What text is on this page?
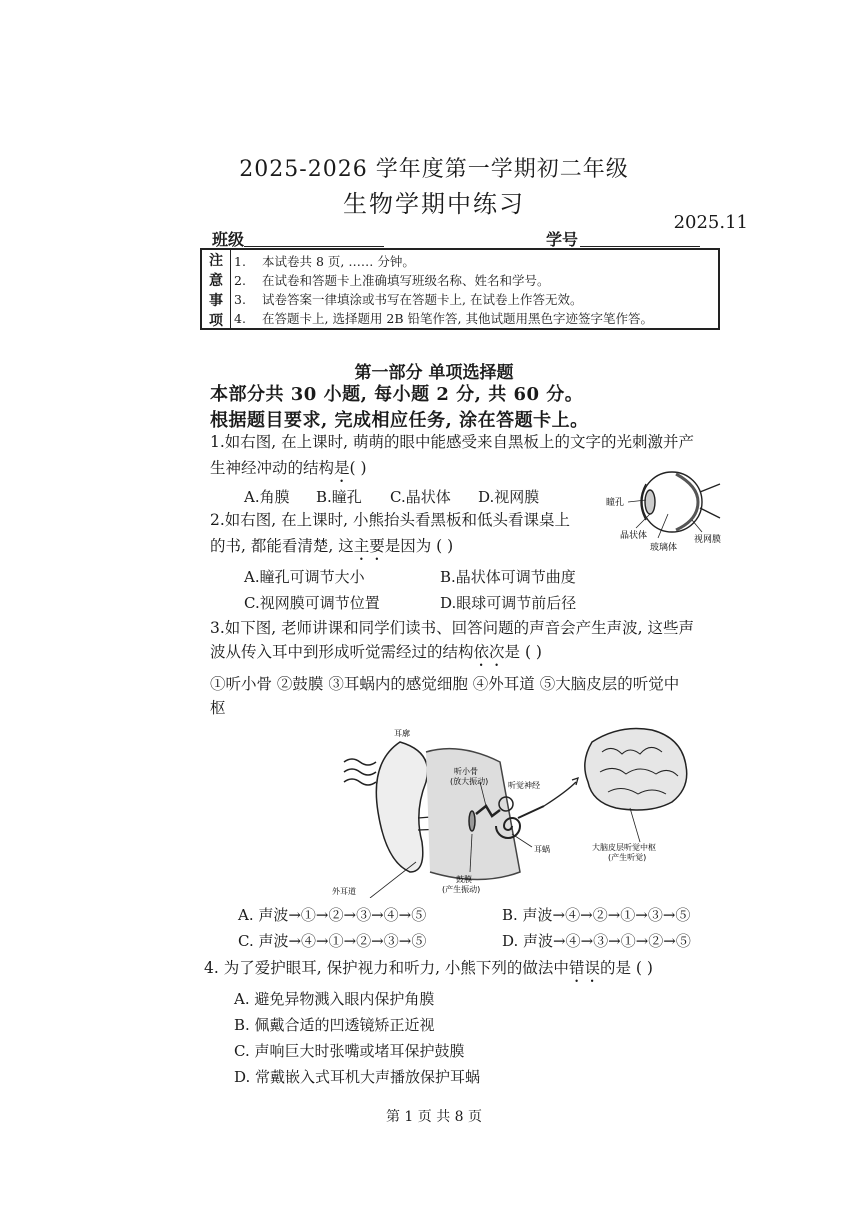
2025-2026 学年度第一学期初二年级
生物学期中练习
2025.11
班级	学号
注
意
事
项
1. 本试卷共 8 页, …… 分钟。
2. 在试卷和答题卡上准确填写班级名称、姓名和学号。
3. 试卷答案一律填涂或书写在答题卡上, 在试卷上作答无效。
4. 在答题卡上, 选择题用 2B 铅笔作答, 其他试题用黑色字迹签字笔作答。
第一部分 单项选择题
本部分共 30 小题, 每小题 2 分, 共 60 分。
根据题目要求, 完成相应任务, 涂在答题卡上。
1.如右图, 在上课时, 萌萌的眼中能感受来自黑板上的文字的光刺激并产
生神经冲动的结构是( )
A.角膜 B.瞳孔 C.晶状体 D.视网膜	瞳孔
晶状体
玻璃体
视网膜
2.如右图, 在上课时, 小熊抬头看黑板和低头看课桌上
的书, 都能看清楚, 这主要是因为 ( )
A.瞳孔可调节大小	B.晶状体可调节曲度
C.视网膜可调节位置	D.眼球可调节前后径
3.如下图, 老师讲课和同学们读书、回答问题的声音会产生声波, 这些声
波从传入耳中到形成听觉需经过的结构依次是 ( )
①听小骨 ②鼓膜 ③耳蜗内的感觉细胞 ④外耳道 ⑤大脑皮层的听觉中
枢
耳廓
听小骨
(放大振动) 听觉神经
耳蜗
外耳道
鼓膜
(产生振动)
大脑皮层听觉中枢
(产生听觉)
A. 声波→①→②→③→④→⑤	B. 声波→④→②→①→③→⑤
C. 声波→④→①→②→③→⑤	D. 声波→④→③→①→②→⑤
4. 为了爱护眼耳, 保护视力和听力, 小熊下列的做法中错误的是 ( )
A. 避免异物溅入眼内保护角膜
B. 佩戴合适的凹透镜矫正近视
C. 声响巨大时张嘴或堵耳保护鼓膜
D. 常戴嵌入式耳机大声播放保护耳蜗
第 1 页 共 8 页
